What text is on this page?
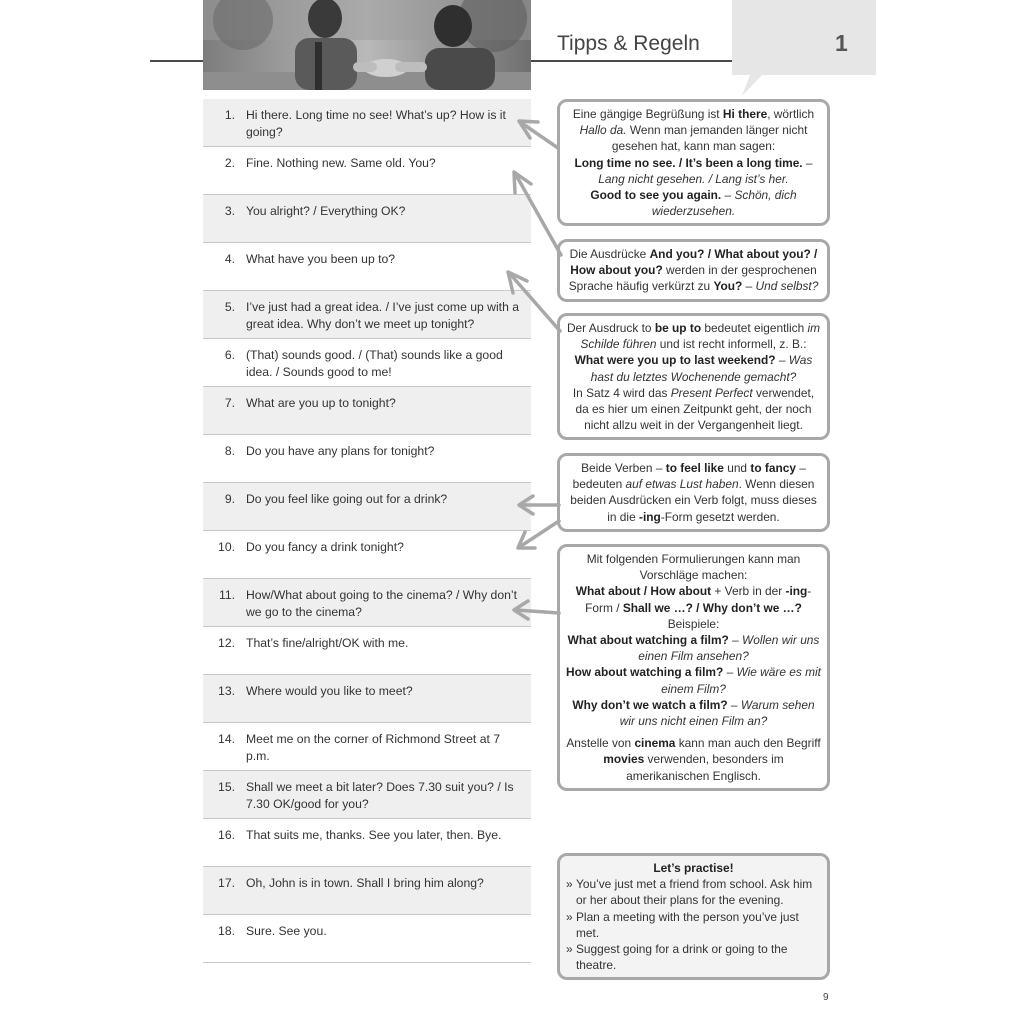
Tipps & Regeln	1
1. Hi there. Long time no see! What’s up? How is it going?
2. Fine. Nothing new. Same old. You?
3. You alright? / Everything OK?
4. What have you been up to?
5. I’ve just had a great idea. / I’ve just come up with a great idea. Why don’t we meet up tonight?
6. (That) sounds good. / (That) sounds like a good idea. / Sounds good to me!
7. What are you up to tonight?
8. Do you have any plans for tonight?
9. Do you feel like going out for a drink?
10. Do you fancy a drink tonight?
11. How/What about going to the cinema? / Why don’t we go to the cinema?
12. That’s fine/alright/OK with me.
13. Where would you like to meet?
14. Meet me on the corner of Richmond Street at 7 p.m.
15. Shall we meet a bit later? Does 7.30 suit you? / Is 7.30 OK/good for you?
16. That suits me, thanks. See you later, then. Bye.
17. Oh, John is in town. Shall I bring him along?
18. Sure. See you.

Eine gängige Begrüßung ist Hi there, wörtlich Hallo da. Wenn man jemanden länger nicht gesehen hat, kann man sagen:

Long time no see. / It’s been a long time. – Lang nicht gesehen. / Lang ist’s her.

Good to see you again. – Schön, dich wiederzusehen.

Die Ausdrücke And you? / What about you? / How about you? werden in der gesprochenen Sprache häufig verkürzt zu You? – Und selbst?

Der Ausdruck to be up to bedeutet eigentlich im Schilde führen und ist recht informell, z. B.:

What were you up to last weekend? – Was hast du letztes Wochenende gemacht?

In Satz 4 wird das Present Perfect verwendet, da es hier um einen Zeitpunkt geht, der noch nicht allzu weit in der Vergangenheit liegt.

Beide Verben – to feel like und to fancy – bedeuten auf etwas Lust haben. Wenn diesen beiden Ausdrücken ein Verb folgt, muss dieses in die -ing-Form gesetzt werden.

Mit folgenden Formulierungen kann man Vorschläge machen:

What about / How about + Verb in der -ing-Form / Shall we …? / Why don’t we …?

Beispiele:

What about watching a film? – Wollen wir uns einen Film ansehen?

How about watching a film? – Wie wäre es mit einem Film?

Why don’t we watch a film? – Warum sehen wir uns nicht einen Film an?

Anstelle von cinema kann man auch den Begriff movies verwenden, besonders im amerikanischen Englisch.

Let’s practise!

» You’ve just met a friend from school. Ask him or her about their plans for the evening.
» Plan a meeting with the person you’ve just met.
» Suggest going for a drink or going to the theatre.
9
